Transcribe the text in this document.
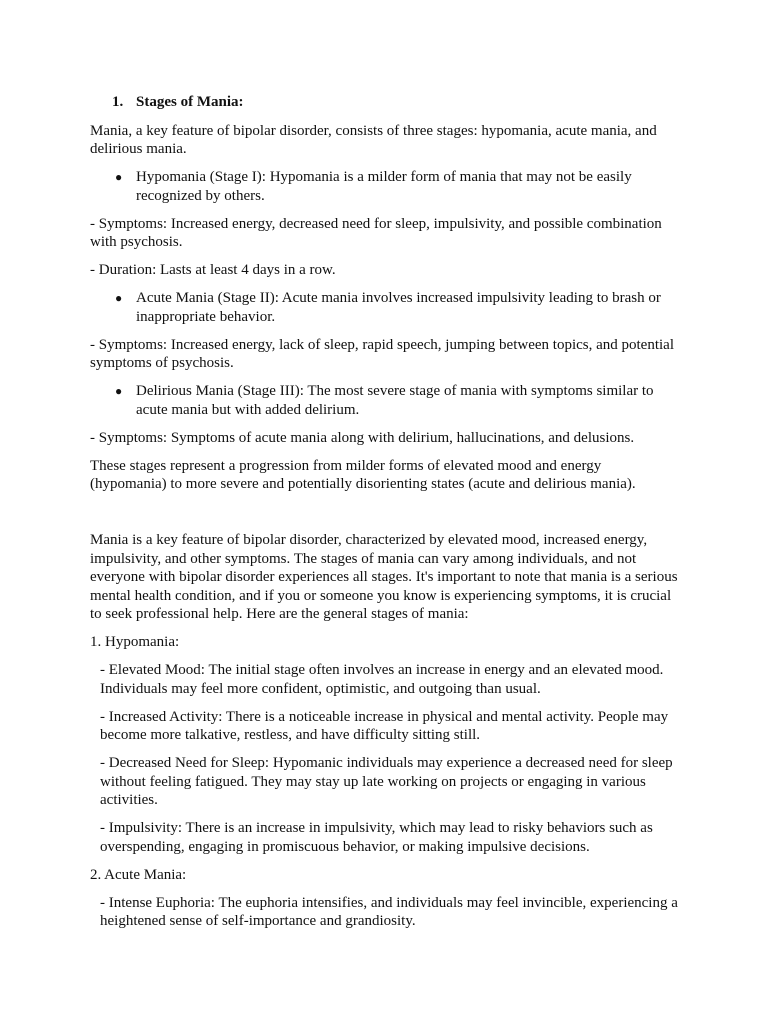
1. Stages of Mania:

Mania, a key feature of bipolar disorder, consists of three stages: hypomania, acute mania, and delirious mania.

● Hypomania (Stage I): Hypomania is a milder form of mania that may not be easily recognized by others.

- Symptoms: Increased energy, decreased need for sleep, impulsivity, and possible combination with psychosis.

- Duration: Lasts at least 4 days in a row.

● Acute Mania (Stage II): Acute mania involves increased impulsivity leading to brash or inappropriate behavior.

- Symptoms: Increased energy, lack of sleep, rapid speech, jumping between topics, and potential symptoms of psychosis.

● Delirious Mania (Stage III): The most severe stage of mania with symptoms similar to acute mania but with added delirium.

- Symptoms: Symptoms of acute mania along with delirium, hallucinations, and delusions.

These stages represent a progression from milder forms of elevated mood and energy (hypomania) to more severe and potentially disorienting states (acute and delirious mania).

Mania is a key feature of bipolar disorder, characterized by elevated mood, increased energy, impulsivity, and other symptoms. The stages of mania can vary among individuals, and not everyone with bipolar disorder experiences all stages. It's important to note that mania is a serious mental health condition, and if you or someone you know is experiencing symptoms, it is crucial to seek professional help. Here are the general stages of mania:

1. Hypomania:

- Elevated Mood: The initial stage often involves an increase in energy and an elevated mood. Individuals may feel more confident, optimistic, and outgoing than usual.

- Increased Activity: There is a noticeable increase in physical and mental activity. People may become more talkative, restless, and have difficulty sitting still.

- Decreased Need for Sleep: Hypomanic individuals may experience a decreased need for sleep without feeling fatigued. They may stay up late working on projects or engaging in various activities.

- Impulsivity: There is an increase in impulsivity, which may lead to risky behaviors such as overspending, engaging in promiscuous behavior, or making impulsive decisions.

2. Acute Mania:

- Intense Euphoria: The euphoria intensifies, and individuals may feel invincible, experiencing a heightened sense of self-importance and grandiosity.
